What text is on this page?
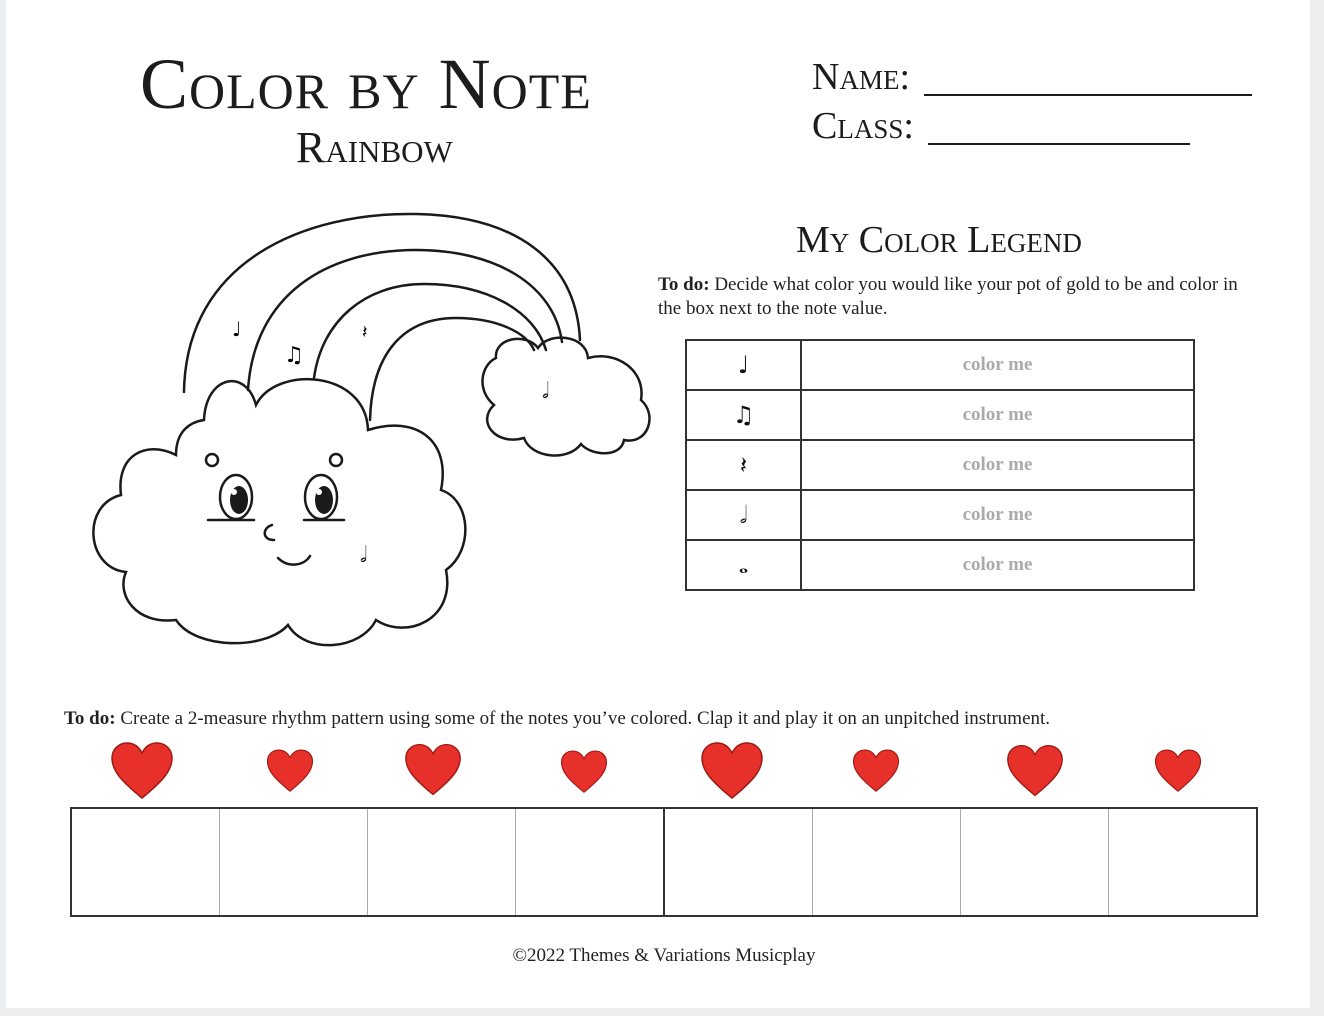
Color by Note
Rainbow
Name:
Class:
♩
♫
𝄽
𝅗𝅥
𝅗𝅥
My Color Legend
To do: Decide what color you would like your pot of gold to be and color in the box next to the note value.
♩	color me
♫	color me
𝄽	color me
𝅗𝅥	color me
𝅝	color me
To do: Create a 2-measure rhythm pattern using some of the notes you’ve colored. Clap it and play it on an unpitched instrument.
©2022 Themes & Variations Musicplay
